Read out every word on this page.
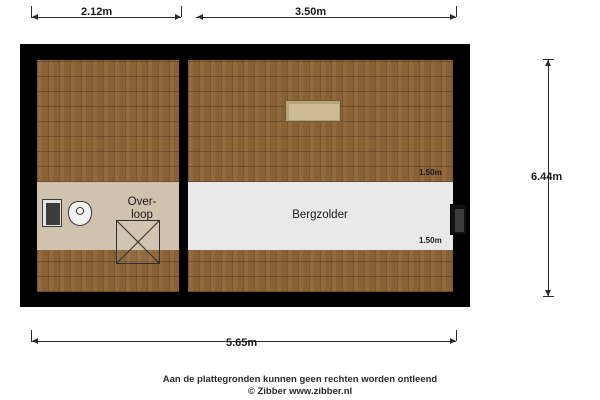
2.12m	3.50m
6.44m
5.65m
1.50m
1.50m
Over-
loop	Bergzolder
Aan de plattegronden kunnen geen rechten worden ontleend
© Zibber www.zibber.nl
